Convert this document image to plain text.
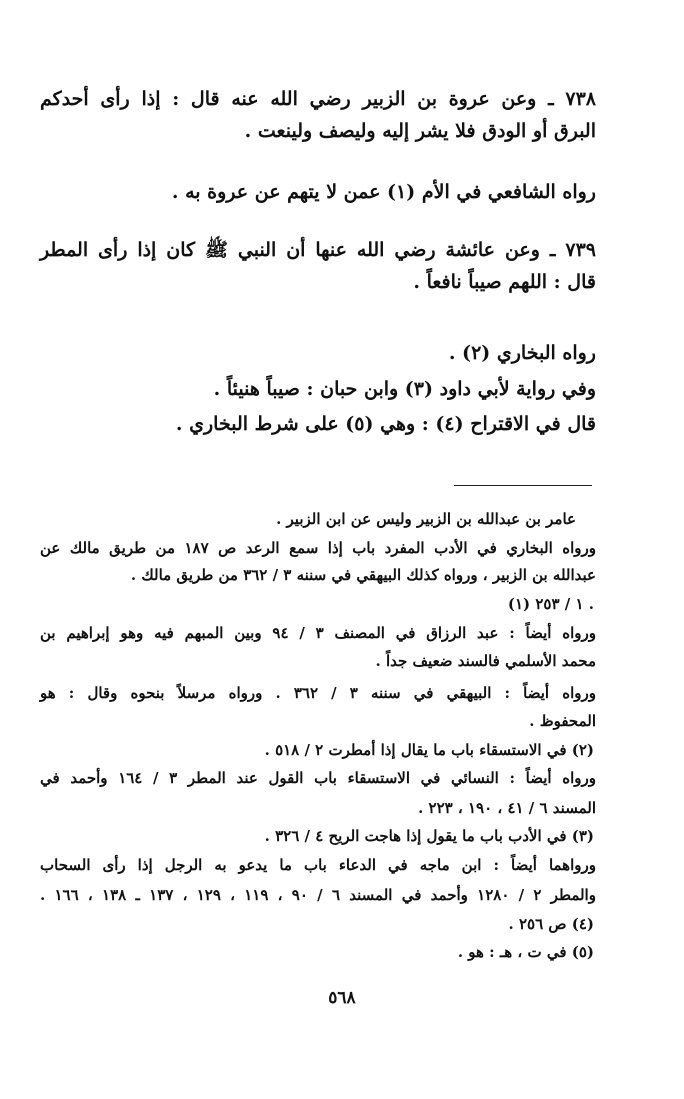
٧٣٨ ـ وعن عروة بن الزبير رضي الله عنه قال : إذا رأى أحدكم
البرق أو الودق فلا يشر إليه وليصف ولينعت .
رواه الشافعي في الأم (١) عمن لا يتهم عن عروة به .
٧٣٩ ـ وعن عائشة رضي الله عنها أن النبي ﷺ كان إذا رأى المطر
قال : اللهم صيباً نافعاً .
رواه البخاري (٢) .
وفي رواية لأبي داود (٣) وابن حبان : صيباً هنيئاً .
قال في الاقتراح (٤) : وهي (٥) على شرط البخاري .
عامر بن عبدالله بن الزبير وليس عن ابن الزبير .
ورواه البخاري في الأدب المفرد باب إذا سمع الرعد ص ١٨٧ من طريق مالك عن
عبدالله بن الزبير ، ورواه كذلك البيهقي في سننه ٣ / ٣٦٢ من طريق مالك .
(١) ١ / ٢٥٣ .
ورواه أيضاً : عبد الرزاق في المصنف ٣ / ٩٤ وبين المبهم فيه وهو إبراهيم بن
محمد الأسلمي فالسند ضعيف جداً .
ورواه أيضاً : البيهقي في سننه ٣ / ٣٦٢ . ورواه مرسلاً بنحوه وقال : هو
المحفوظ .
(٢) في الاستسقاء باب ما يقال إذا أمطرت ٢ / ٥١٨ .
ورواه أيضاً : النسائي في الاستسقاء باب القول عند المطر ٣ / ١٦٤ وأحمد في
المسند ٦ / ٤١ ، ١٩٠ ، ٢٢٣ .
(٣) في الأدب باب ما يقول إذا هاجت الريح ٤ / ٣٢٦ .
ورواهما أيضاً : ابن ماجه في الدعاء باب ما يدعو به الرجل إذا رأى السحاب
والمطر ٢ / ١٢٨٠ وأحمد في المسند ٦ / ٩٠ ، ١١٩ ، ١٢٩ ، ١٣٧ ـ ١٣٨ ، ١٦٦ .
(٤) ص ٢٥٦ .
(٥) في ت ، هـ : هو .
٥٦٨
